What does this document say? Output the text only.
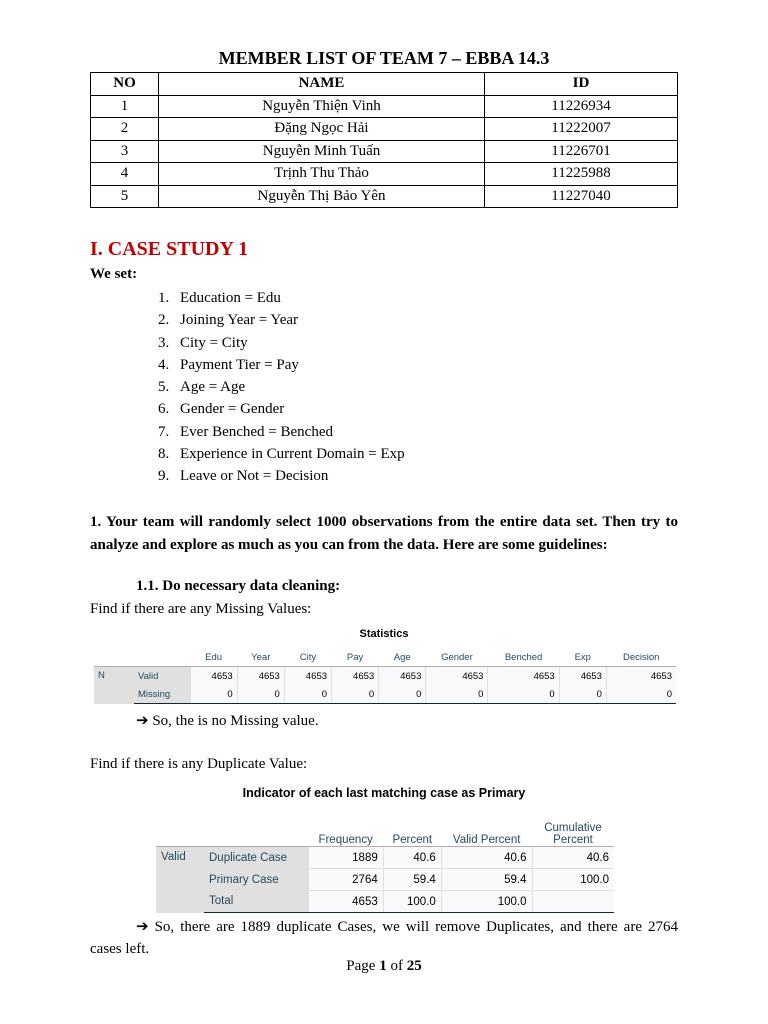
MEMBER LIST OF TEAM 7 – EBBA 14.3
NO	NAME	ID
1	Nguyễn Thiện Vinh	11226934
2	Đặng Ngọc Hải	11222007
3	Nguyễn Minh Tuấn	11226701
4	Trịnh Thu Thảo	11225988
5	Nguyễn Thị Bảo Yên	11227040
I. CASE STUDY 1
We set:
1. Education = Edu
2. Joining Year = Year
3. City = City
4. Payment Tier = Pay
5. Age = Age
6. Gender = Gender
7. Ever Benched = Benched
8. Experience in Current Domain = Exp
9. Leave or Not = Decision
1. Your team will randomly select 1000 observations from the entire data set. Then try to analyze and explore as much as you can from the data. Here are some guidelines:
1.1. Do necessary data cleaning:
Find if there are any Missing Values:
Statistics
		Edu	Year	City	Pay	Age	Gender	Benched	Exp	Decision
N	Valid	4653	4653	4653	4653	4653	4653	4653	4653	4653
	Missing	0	0	0	0	0	0	0	0	0
➔ So, the is no Missing value.
Find if there is any Duplicate Value:
Indicator of each last matching case as Primary
		Frequency	Percent	Valid Percent	Cumulative Percent
Valid	Duplicate Case	1889	40.6	40.6	40.6
	Primary Case	2764	59.4	59.4	100.0
	Total	4653	100.0	100.0	
➔ So, there are 1889 duplicate Cases, we will remove Duplicates, and there are 2764 cases left.
Page 1 of 25
